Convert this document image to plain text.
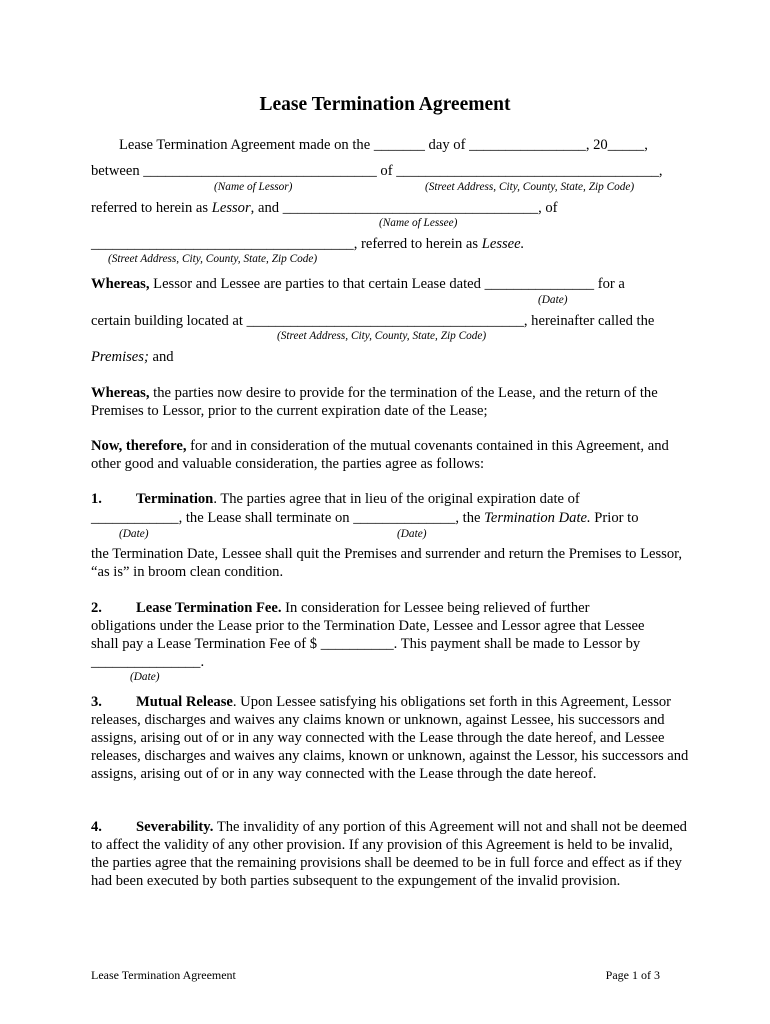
Lease Termination Agreement
Lease Termination Agreement made on the _______ day of ________________, 20_____,
between ________________________________ of ____________________________________,
(Name of Lessor)	(Street Address, City, County, State, Zip Code)
referred to herein as Lessor, and ___________________________________, of
(Name of Lessee)
____________________________________, referred to herein as Lessee.
(Street Address, City, County, State, Zip Code)
Whereas, Lessor and Lessee are parties to that certain Lease dated _______________ for a
(Date)
certain building located at ______________________________________, hereinafter called the
(Street Address, City, County, State, Zip Code)
Premises; and
Whereas, the parties now desire to provide for the termination of the Lease, and the return of the Premises to Lessor, prior to the current expiration date of the Lease;
Now, therefore, for and in consideration of the mutual covenants contained in this Agreement, and other good and valuable consideration, the parties agree as follows:
1. Termination. The parties agree that in lieu of the original expiration date of
____________, the Lease shall terminate on ______________, the Termination Date. Prior to
(Date)	(Date)
the Termination Date, Lessee shall quit the Premises and surrender and return the Premises to Lessor, “as is” in broom clean condition.
2. Lease Termination Fee. In consideration for Lessee being relieved of further
obligations under the Lease prior to the Termination Date, Lessee and Lessor agree that Lessee
shall pay a Lease Termination Fee of $ __________. This payment shall be made to Lessor by
_______________.
(Date)
3. Mutual Release. Upon Lessee satisfying his obligations set forth in this Agreement, Lessor releases, discharges and waives any claims known or unknown, against Lessee, his successors and assigns, arising out of or in any way connected with the Lease through the date hereof, and Lessee releases, discharges and waives any claims, known or unknown, against the Lessor, his successors and assigns, arising out of or in any way connected with the Lease through the date hereof.
4. Severability. The invalidity of any portion of this Agreement will not and shall not be deemed to affect the validity of any other provision. If any provision of this Agreement is held to be invalid, the parties agree that the remaining provisions shall be deemed to be in full force and effect as if they had been executed by both parties subsequent to the expungement of the invalid provision.
Lease Termination Agreement	Page 1 of 3
